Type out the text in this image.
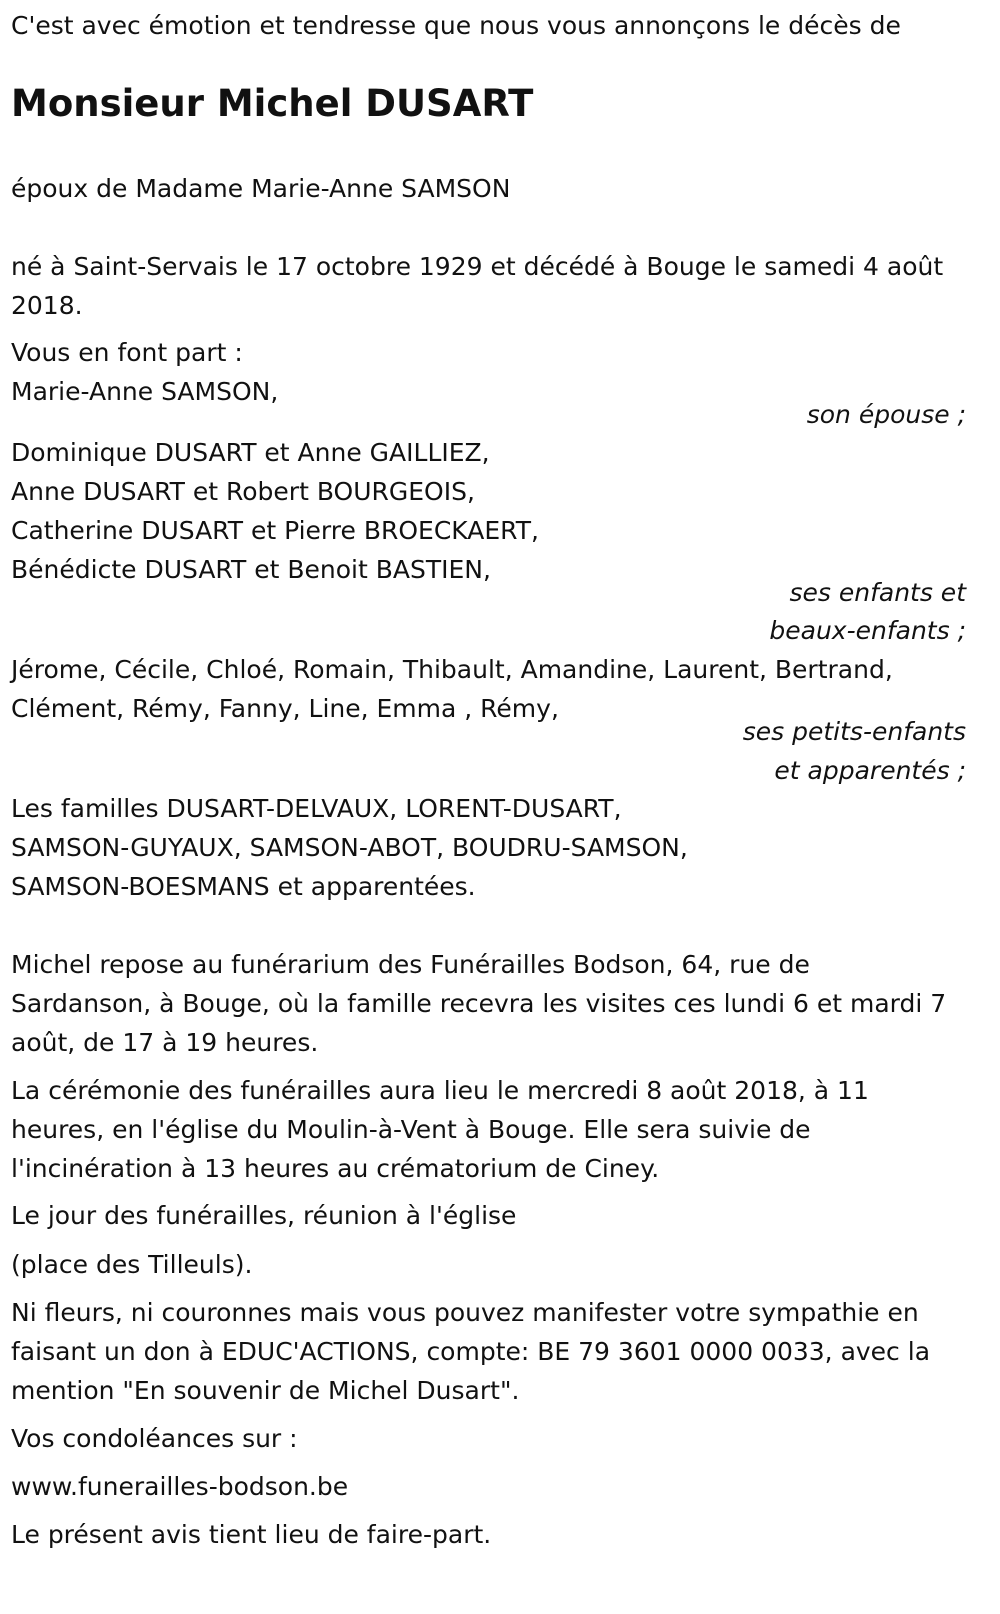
C'est avec émotion et tendresse que nous vous annonçons le décès de
Monsieur Michel DUSART
époux de Madame Marie-Anne SAMSON
né à Saint-Servais le 17 octobre 1929 et décédé à Bouge le samedi 4 août
2018.
Vous en font part :
Marie-Anne SAMSON,
son épouse ;
Dominique DUSART et Anne GAILLIEZ,
Anne DUSART et Robert BOURGEOIS,
Catherine DUSART et Pierre BROECKAERT,
Bénédicte DUSART et Benoit BASTIEN,
ses enfants et
beaux-enfants ;
Jérome, Cécile, Chloé, Romain, Thibault, Amandine, Laurent, Bertrand,
Clément, Rémy, Fanny, Line, Emma , Rémy,
ses petits-enfants
et apparentés ;
Les familles DUSART-DELVAUX, LORENT-DUSART,
SAMSON-GUYAUX, SAMSON-ABOT, BOUDRU-SAMSON,
SAMSON-BOESMANS et apparentées.
Michel repose au funérarium des Funérailles Bodson, 64, rue de
Sardanson, à Bouge, où la famille recevra les visites ces lundi 6 et mardi 7
août, de 17 à 19 heures.
La cérémonie des funérailles aura lieu le mercredi 8 août 2018, à 11
heures, en l'église du Moulin-à-Vent à Bouge. Elle sera suivie de
l'incinération à 13 heures au crématorium de Ciney.
Le jour des funérailles, réunion à l'église
(place des Tilleuls).
Ni fleurs, ni couronnes mais vous pouvez manifester votre sympathie en
faisant un don à EDUC'ACTIONS, compte: BE 79 3601 0000 0033, avec la
mention "En souvenir de Michel Dusart".
Vos condoléances sur :
www.funerailles-bodson.be
Le présent avis tient lieu de faire-part.
